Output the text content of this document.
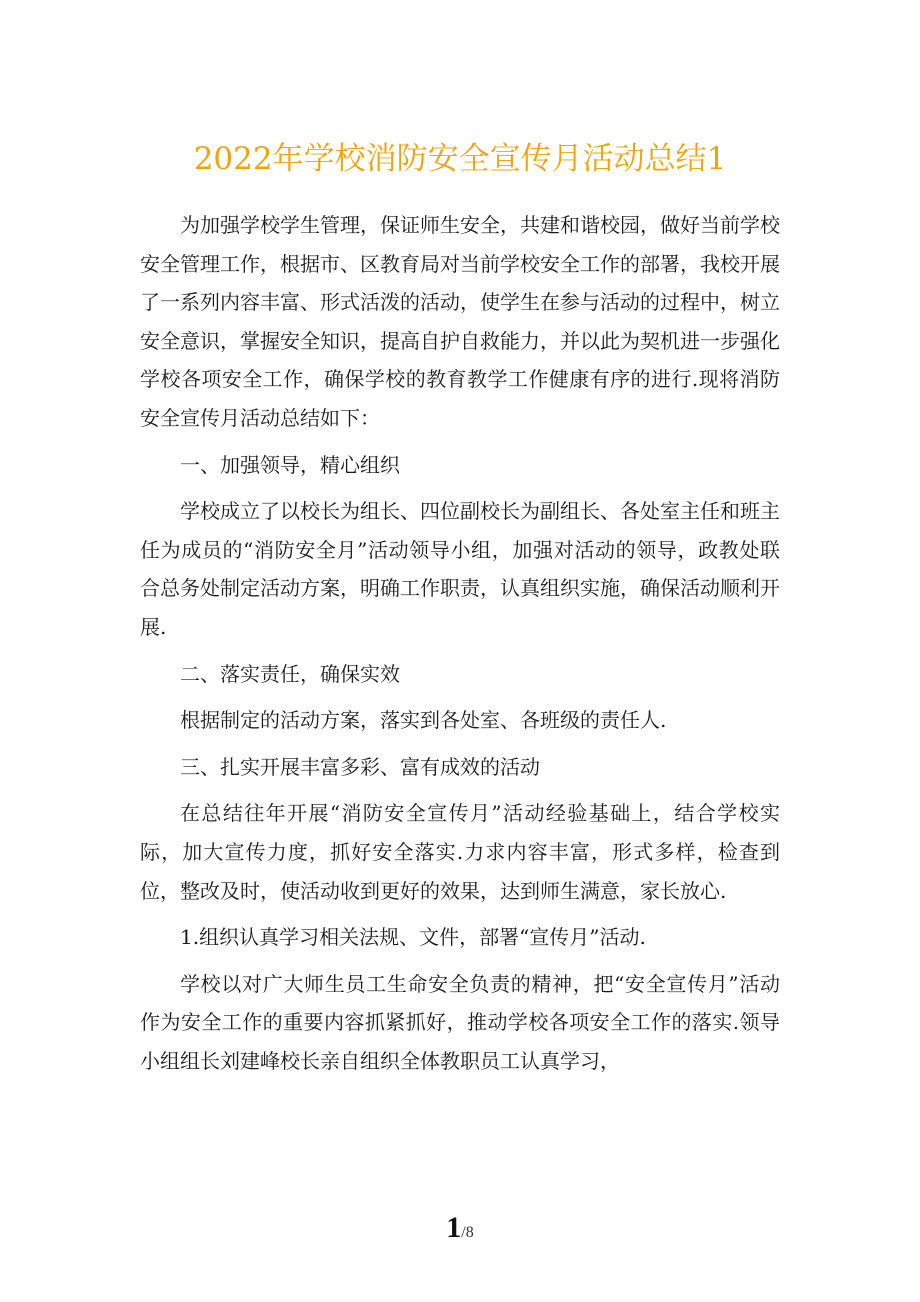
2022年学校消防安全宣传月活动总结1

为加强学校学生管理，保证师生安全，共建和谐校园，做好当前学校安全管理工作，根据市、区教育局对当前学校安全工作的部署，我校开展了一系列内容丰富、形式活泼的活动，使学生在参与活动的过程中，树立安全意识，掌握安全知识，提高自护自救能力，并以此为契机进一步强化学校各项安全工作，确保学校的教育教学工作健康有序的进行.现将消防安全宣传月活动总结如下：

一、加强领导，精心组织

学校成立了以校长为组长、四位副校长为副组长、各处室主任和班主任为成员的“消防安全月”活动领导小组，加强对活动的领导，政教处联合总务处制定活动方案，明确工作职责，认真组织实施，确保活动顺利开展.

二、落实责任，确保实效

根据制定的活动方案，落实到各处室、各班级的责任人.

三、扎实开展丰富多彩、富有成效的活动

在总结往年开展“消防安全宣传月”活动经验基础上，结合学校实际，加大宣传力度，抓好安全落实.力求内容丰富，形式多样，检查到位，整改及时，使活动收到更好的效果，达到师生满意，家长放心.

1.组织认真学习相关法规、文件，部署“宣传月”活动.

学校以对广大师生员工生命安全负责的精神，把“安全宣传月”活动作为安全工作的重要内容抓紧抓好，推动学校各项安全工作的落实.领导小组组长刘建峰校长亲自组织全体教职员工认真学习，

1/8
